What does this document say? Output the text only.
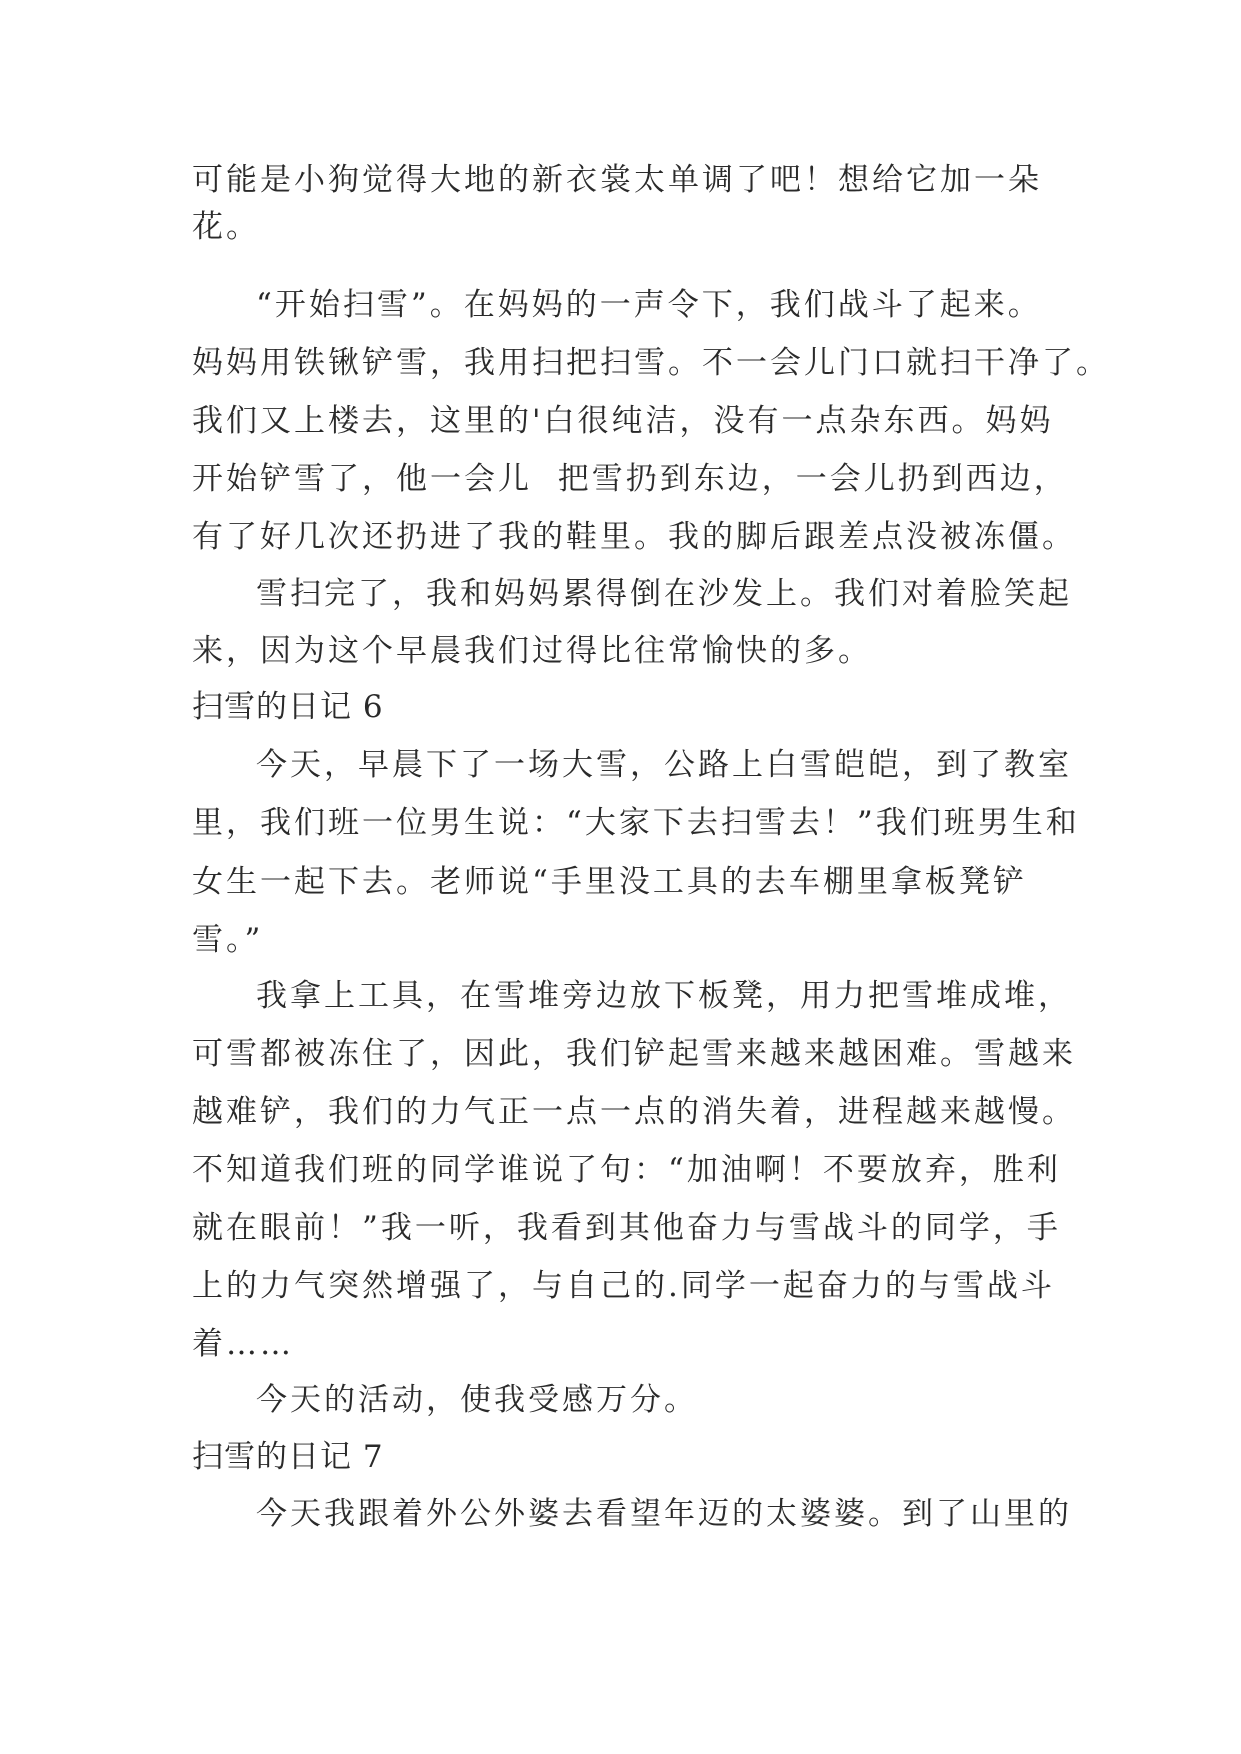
可能是小狗觉得大地的新衣裳太单调了吧！想给它加一朵
花。
“开始扫雪”。在妈妈的一声令下，我们战斗了起来。
妈妈用铁锹铲雪，我用扫把扫雪。不一会儿门口就扫干净了。
我们又上楼去，这里的'白很纯洁，没有一点杂东西。妈妈
开始铲雪了，他一会儿  把雪扔到东边，一会儿扔到西边，
有了好几次还扔进了我的鞋里。我的脚后跟差点没被冻僵。
雪扫完了，我和妈妈累得倒在沙发上。我们对着脸笑起
来，因为这个早晨我们过得比往常愉快的多。
扫雪的日记 6
今天，早晨下了一场大雪，公路上白雪皑皑，到了教室
里，我们班一位男生说：“大家下去扫雪去！”我们班男生和
女生一起下去。老师说“手里没工具的去车棚里拿板凳铲
雪。”
我拿上工具，在雪堆旁边放下板凳，用力把雪堆成堆，
可雪都被冻住了，因此，我们铲起雪来越来越困难。雪越来
越难铲，我们的力气正一点一点的消失着，进程越来越慢。
不知道我们班的同学谁说了句：“加油啊！不要放弃，胜利
就在眼前！”我一听，我看到其他奋力与雪战斗的同学，手
上的力气突然增强了，与自己的.同学一起奋力的与雪战斗
着……
今天的活动，使我受感万分。
扫雪的日记 7
今天我跟着外公外婆去看望年迈的太婆婆。到了山里的
